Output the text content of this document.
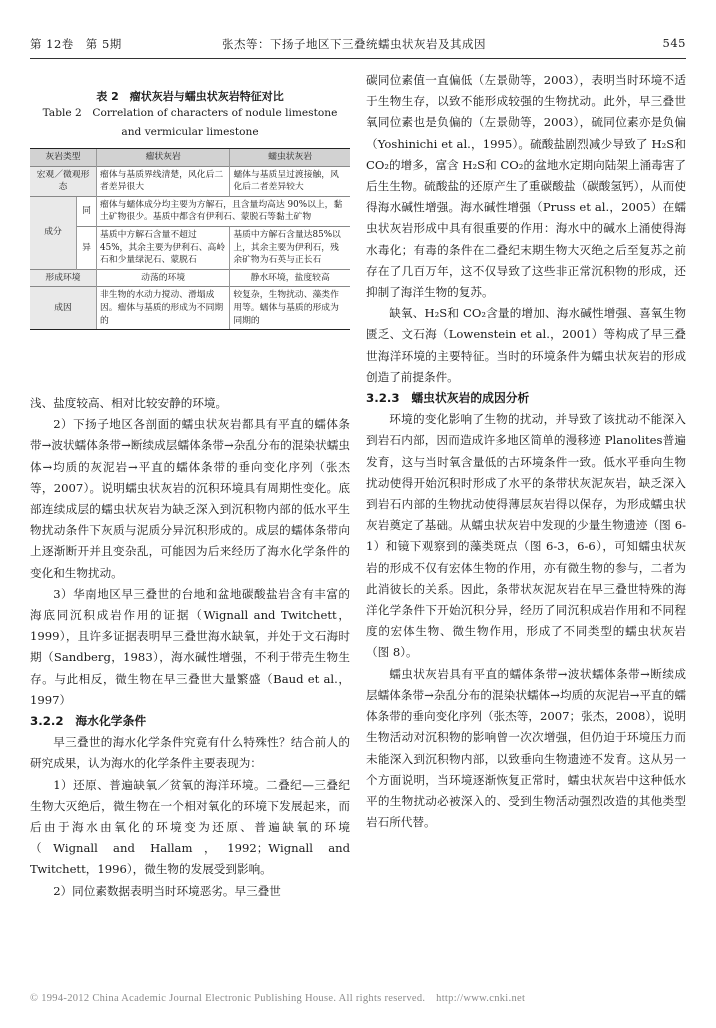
第 12卷　第 5期	张杰等：下扬子地区下三叠统蠕虫状灰岩及其成因	545
表 2　瘤状灰岩与蠕虫状灰岩特征对比
Table 2　Correlation of characters of nodule limestone
and vermicular limestone
灰岩类型		瘤状灰岩	蠕虫状灰岩
宏观／微观形态		瘤体与基质界线清楚，风化后二者差异很大	蠕体与基质呈过渡接触，风化后二者差异较大
成分	同	瘤体与蠕体成分均主要为方解石，且含量均高达 90%以上，黏土矿物很少。基质中都含有伊利石、蒙脱石等黏土矿物	
	异	基质中方解石含量不超过 45%，其余主要为伊利石、高岭石和少量绿泥石、蒙脱石	基质中方解石含量达85%以上，其余主要为伊利石，残余矿物为石英与正长石
形成环境		动荡的环境	静水环境，盐度较高
成因		非生物的水动力搅动、滑塌成因。瘤体与基质的形成为不同期的	较复杂，生物扰动、藻类作用等。蠕体与基质的形成为同期的

浅、盐度较高、相对比较安静的环境。

2）下扬子地区各剖面的蠕虫状灰岩都具有平直的蠕体条带→波状蠕体条带→断续成层蠕体条带→杂乱分布的混染状蠕虫体→均质的灰泥岩→平直的蠕体条带的垂向变化序列（张杰等，2007）。说明蠕虫状灰岩的沉积环境具有周期性变化。底部连续成层的蠕虫状灰岩为缺乏深入到沉积物内部的低水平生物扰动条件下灰质与泥质分异沉积形成的。成层的蠕体条带向上逐渐断开并且变杂乱，可能因为后来经历了海水化学条件的变化和生物扰动。

3）华南地区早三叠世的台地和盆地碳酸盐岩含有丰富的海底同沉积成岩作用的证据（Wignall and Twitchett，1999），且许多证据表明早三叠世海水缺氧，并处于文石海时期（Sandberg，1983），海水碱性增强，不利于带壳生物生存。与此相反，微生物在早三叠世大量繁盛（Baud et al.，1997）

3.2.2　海水化学条件

早三叠世的海水化学条件究竟有什么特殊性？结合前人的研究成果，认为海水的化学条件主要表现为：

1）还原、普遍缺氧／贫氧的海洋环境。二叠纪—三叠纪生物大灭绝后，微生物在一个相对氧化的环境下发展起来，而后由于海水由氧化的环境变为还原、普遍缺氧的环境（Wignall and Hallam，1992；Wignall and Twitchett，1996），微生物的发展受到影响。

2）同位素数据表明当时环境恶劣。早三叠世

碳同位素值一直偏低（左景勋等，2003），表明当时环境不适于生物生存，以致不能形成较强的生物扰动。此外，早三叠世氧同位素也是负偏的（左景勋等，2003），硫同位素亦是负偏（Yoshinichi et al.，1995）。硫酸盐剧烈减少导致了 H₂S和 CO₂的增多，富含 H₂S和 CO₂的盆地水定期向陆架上涌毒害了后生生物。硫酸盐的还原产生了重碳酸盐（碳酸氢钙），从而使得海水碱性增强。海水碱性增强（Pruss et al.，2005）在蠕虫状灰岩形成中具有很重要的作用：海水中的碱水上涌使得海水毒化；有毒的条件在二叠纪末期生物大灭绝之后至复苏之前存在了几百万年，这不仅导致了这些非正常沉积物的形成，还抑制了海洋生物的复苏。

缺氧、H₂S和 CO₂含量的增加、海水碱性增强、喜氧生物匮乏、文石海（Lowenstein et al.，2001）等构成了早三叠世海洋环境的主要特征。当时的环境条件为蠕虫状灰岩的形成创造了前提条件。

3.2.3　蠕虫状灰岩的成因分析

环境的变化影响了生物的扰动，并导致了该扰动不能深入到岩石内部，因而造成许多地区简单的漫移迹 Planolites普遍发育，这与当时氧含量低的古环境条件一致。低水平垂向生物扰动使得开始沉积时形成了水平的条带状灰泥灰岩，缺乏深入到岩石内部的生物扰动使得薄层灰岩得以保存，为形成蠕虫状灰岩奠定了基础。从蠕虫状灰岩中发现的少量生物遗迹（图 6-1）和镜下观察到的藻类斑点（图 6-3，6-6），可知蠕虫状灰岩的形成不仅有宏体生物的作用，亦有微生物的参与，二者为此消彼长的关系。因此，条带状灰泥灰岩在早三叠世特殊的海洋化学条件下开始沉积分异，经历了同沉积成岩作用和不同程度的宏体生物、微生物作用，形成了不同类型的蠕虫状灰岩（图 8）。

蠕虫状灰岩具有平直的蠕体条带→波状蠕体条带→断续成层蠕体条带→杂乱分布的混染状蠕体→均质的灰泥岩→平直的蠕体条带的垂向变化序列（张杰等，2007；张杰，2008），说明生物活动对沉积物的影响曾一次次增强，但仍迫于环境压力而未能深入到沉积物内部，以致垂向生物遗迹不发育。这从另一个方面说明，当环境逐渐恢复正常时，蠕虫状灰岩中这种低水平的生物扰动必被深入的、受到生物活动强烈改造的其他类型岩石所代替。

© 1994-2012 China Academic Journal Electronic Publishing House. All rights reserved.　http://www.cnki.net
